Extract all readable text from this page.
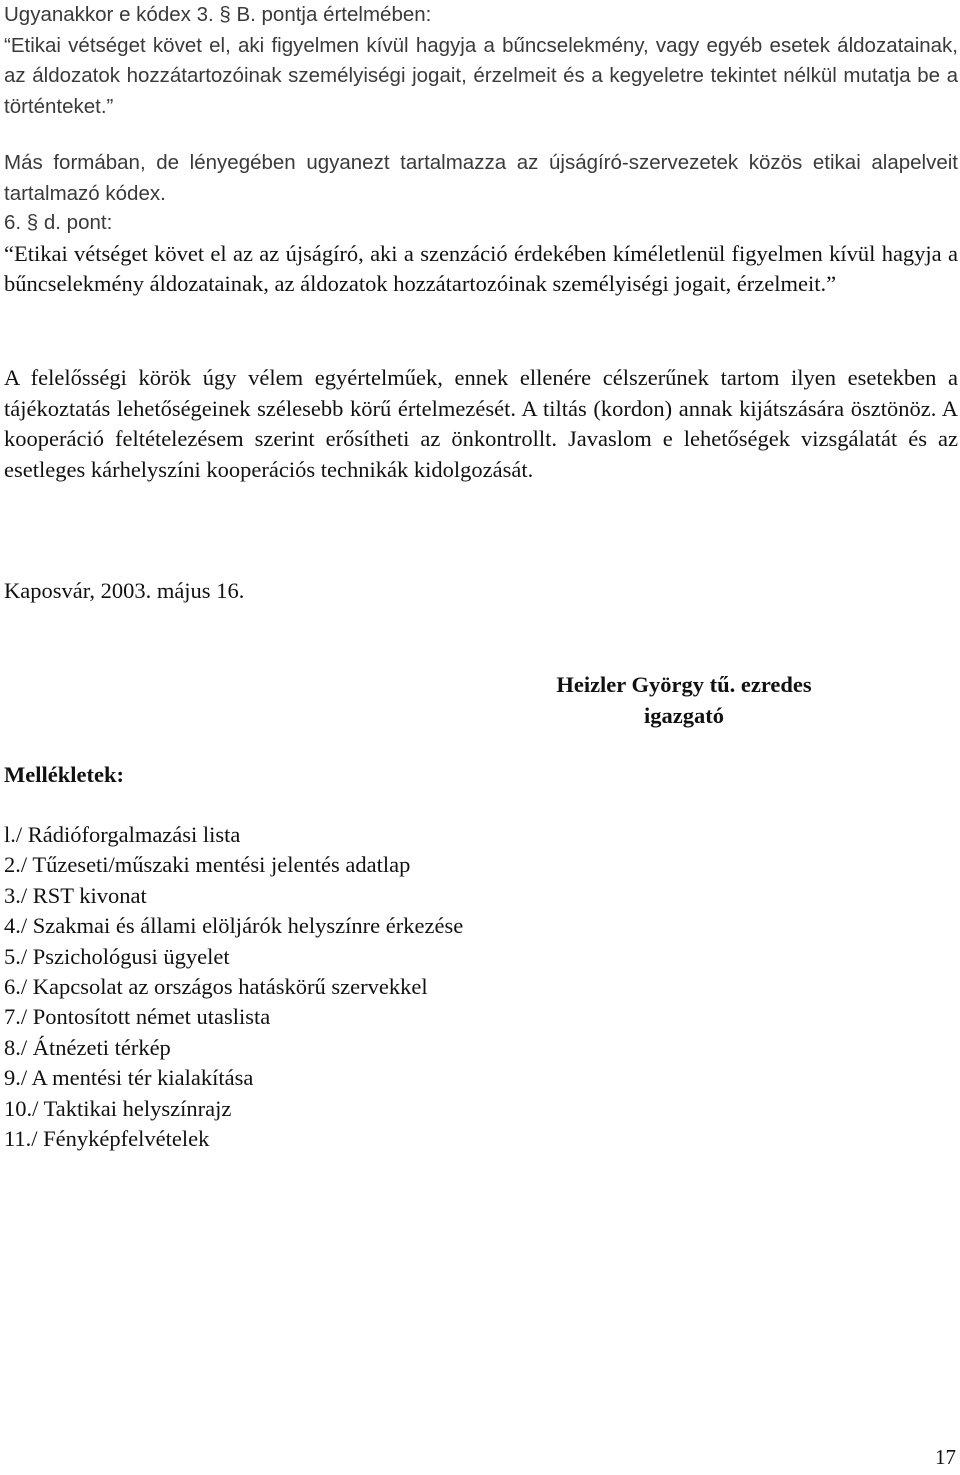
Ugyanakkor e kódex 3. § B. pontja értelmében:

“Etikai vétséget követ el, aki figyelmen kívül hagyja a bűncselekmény, vagy egyéb esetek áldozatainak, az áldozatok hozzátartozóinak személyiségi jogait, érzelmeit és a kegyeletre tekintet nélkül mutatja be a történteket.”

Más formában, de lényegében ugyanezt tartalmazza az újságíró-szervezetek közös etikai alapelveit tartalmazó kódex.

6. § d. pont:

“Etikai vétséget követ el az az újságíró, aki a szenzáció érdekében kíméletlenül figyelmen kívül hagyja a bűncselekmény áldozatainak, az áldozatok hozzátartozóinak személyiségi jogait, érzelmeit.”

A felelősségi körök úgy vélem egyértelműek, ennek ellenére célszerűnek tartom ilyen esetekben a tájékoztatás lehetőségeinek szélesebb körű értelmezését. A tiltás (kordon) annak kijátszására ösztönöz. A kooperáció feltételezésem szerint erősítheti az önkontrollt. Javaslom e lehetőségek vizsgálatát és az esetleges kárhelyszíni kooperációs technikák kidolgozását.

Kaposvár, 2003. május 16.
Heizler György tű. ezredes
igazgató
Mellékletek:
l./ Rádióforgalmazási lista
2./ Tűzeseti/műszaki mentési jelentés adatlap
3./ RST kivonat
4./ Szakmai és állami elöljárók helyszínre érkezése
5./ Pszichológusi ügyelet
6./ Kapcsolat az országos hatáskörű szervekkel
7./ Pontosított német utaslista
8./ Átnézeti térkép
9./ A mentési tér kialakítása
10./ Taktikai helyszínrajz
11./ Fényképfelvételek
17
